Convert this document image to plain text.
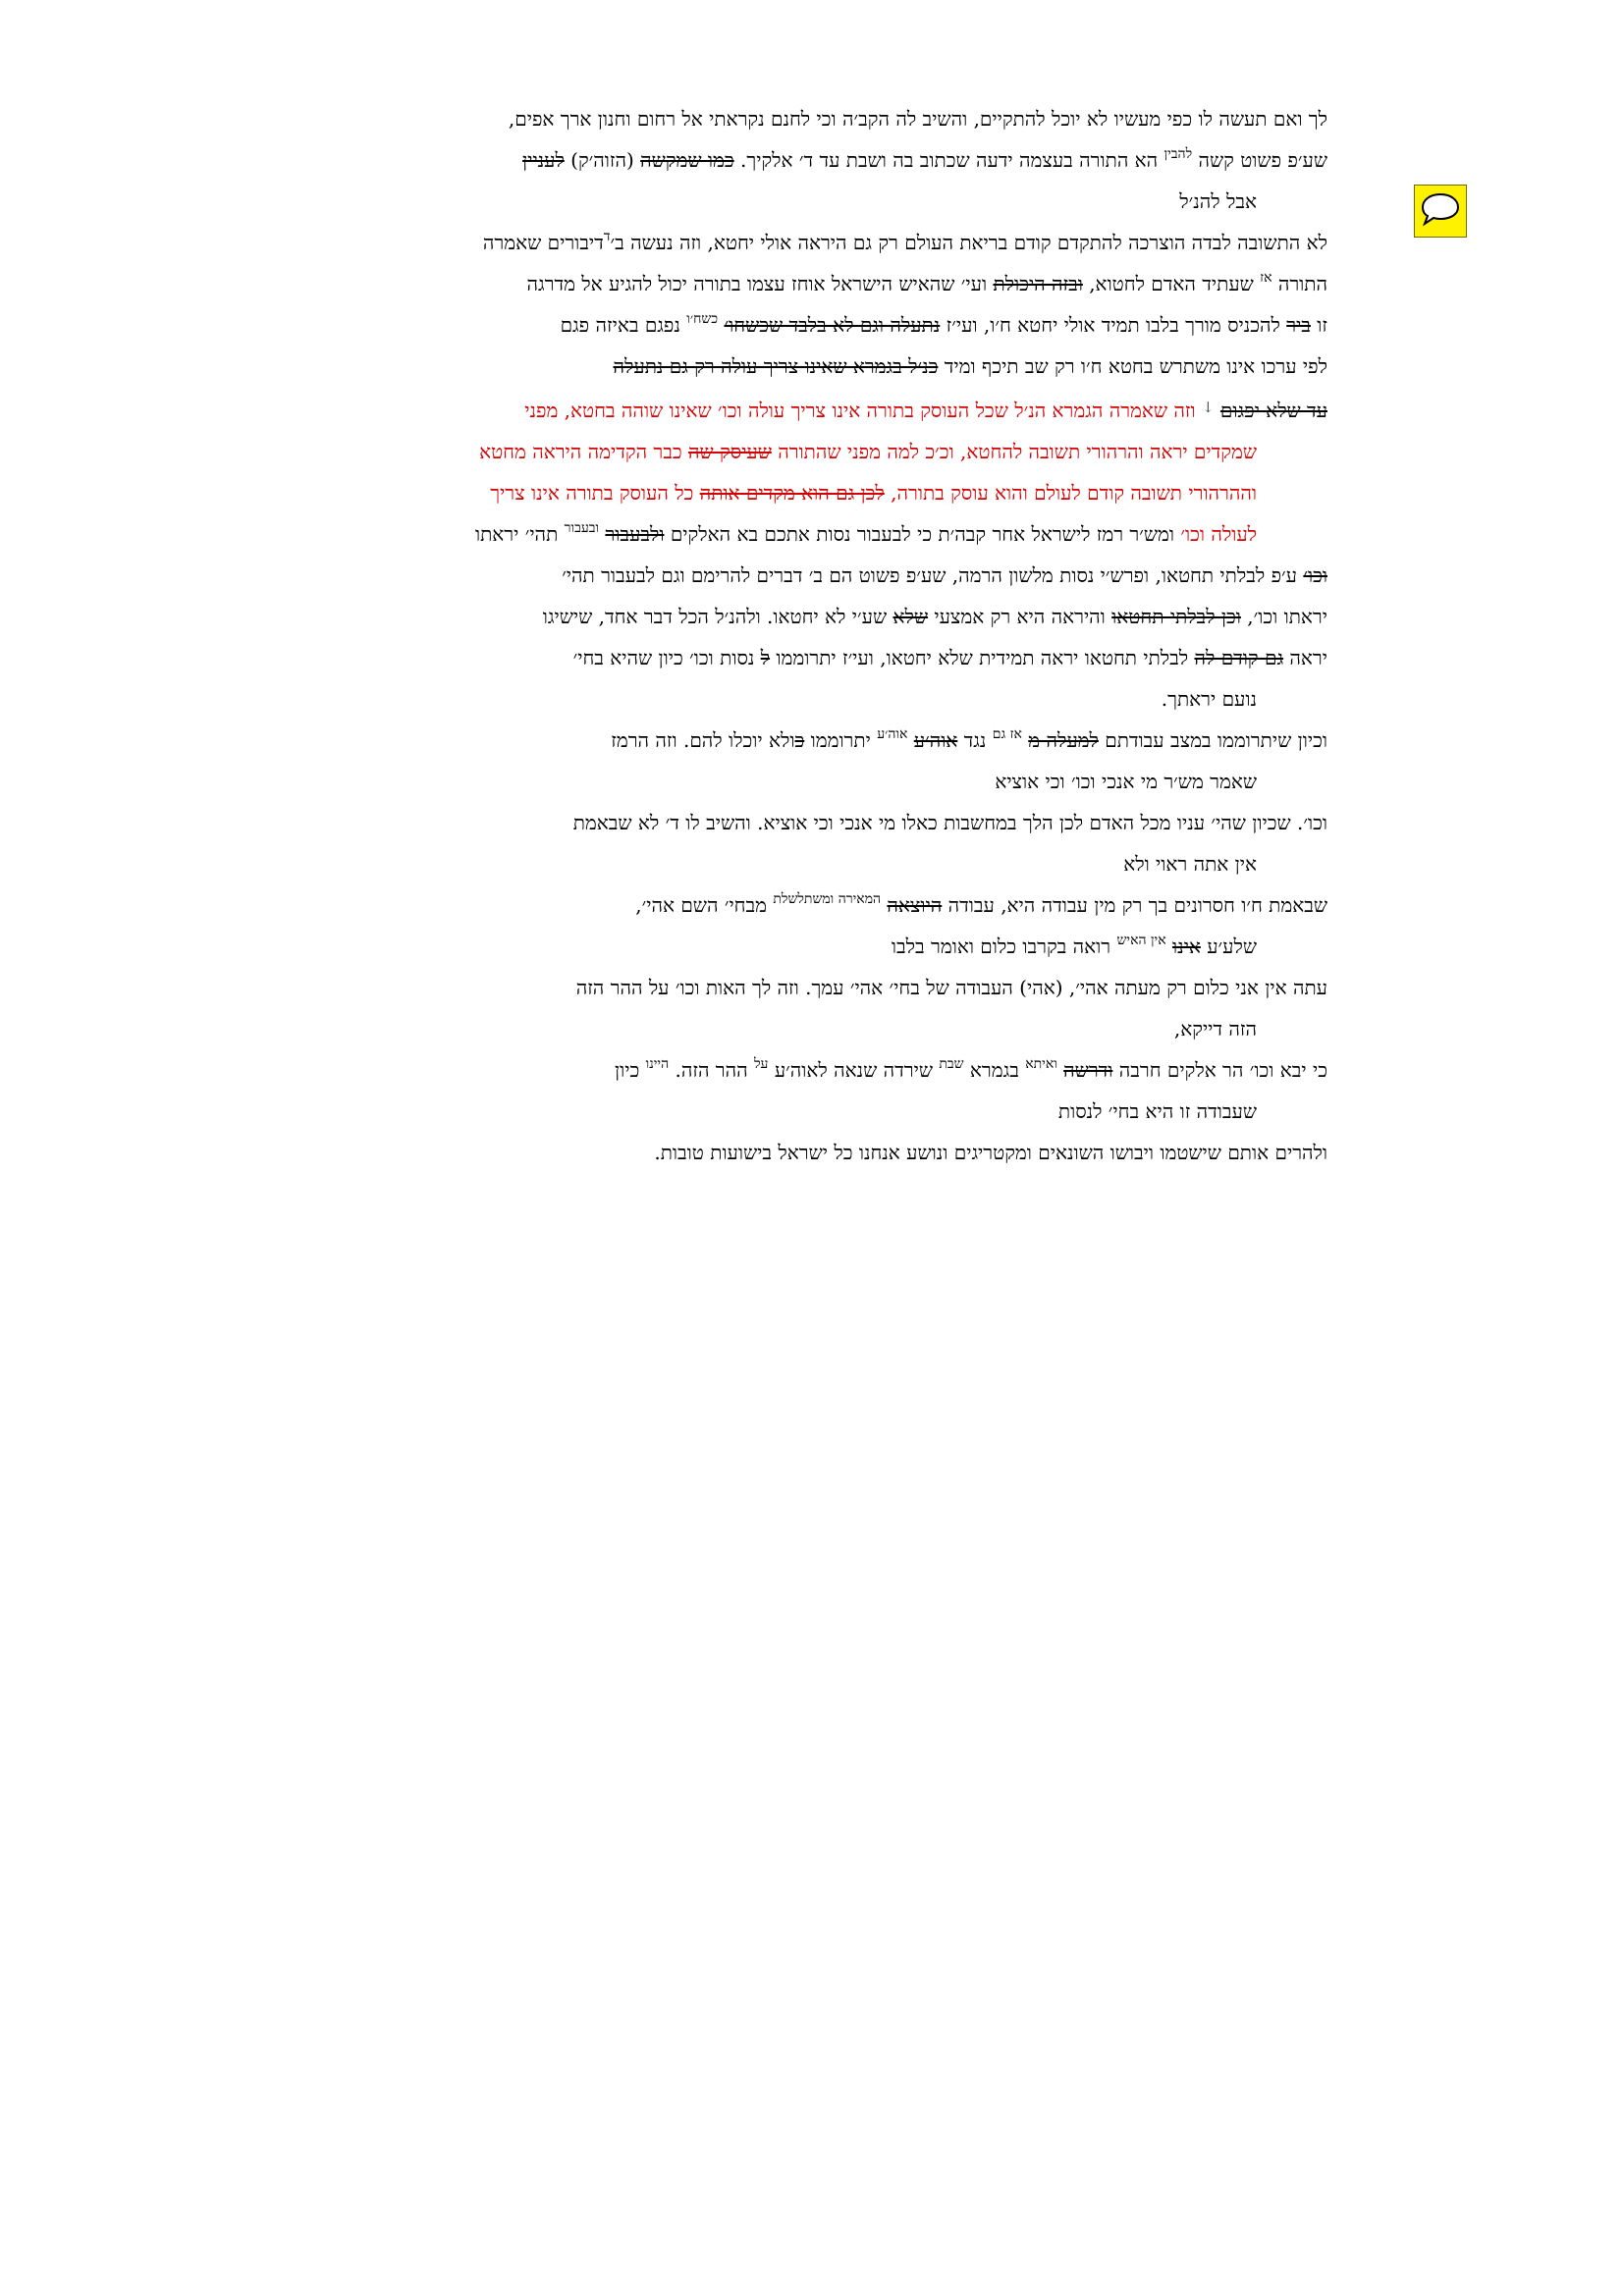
לך ואם תעשה לו כפי מעשיו לא יוכל להתקיים, והשיב לה הקב׳ה וכי לחנם נקראתי אל רחום וחנון ארך אפים,

שע׳פ פשוט קשה $^{להבין}$ הא התורה בעצמה ידעה שכתוב בה ושבת עד ד׳ אלקיך. כמו שמקשה (הזוה׳ק) לעניין

אבל להנ׳ל

לא התשובה לבדה הוצרכה להתקדם קודם בריאת העולם רק גם היראה אולי יחטא, וזה נעשה ב׳$^ד$דיבורים שאמרה

התורה $^{אז}$ שעתיד האדם לחטוא, ובזה היכולת ועי׳ שהאיש הישראל אוחז עצמו בתורה יכול להגיע אל מדרגה

זו ביר להכניס מורך בלבו תמיד אולי יחטא ח׳ו, ועי׳ז נתעלה וגם לא בלבד שכשחו׳ $^{כשח׳ו}$ נפגם באיזה פגם

לפי ערכו אינו משתרש בחטא ח׳ו רק שב תיכף ומיד כנ׳ל בגמרא שאינו צריך עולה רק גם נתעלה

עד שלא יפגום ↓ וזה שאמרה הגמרא הנ׳ל שכל העוסק בתורה אינו צריך עולה וכו׳ שאינו שוהה בחטא, מפני

שמקדים יראה והרהורי תשובה להחטא, וכ׳כ למה מפני שהתורה שעיסק שה כבר הקדימה היראה מחטא

וההרהורי תשובה קודם לעולם והוא עוסק בתורה, לכן גם הוא מקדים אותה כל העוסק בתורה אינו צריך

לעולה וכו׳ ומש׳ר רמז לישראל אחר קבה׳ת כי לבעבור נסות אתכם בא האלקים ולבעבור $^{ובעבור}$ תהי׳ יראתו

וכו׳ ע׳פ לבלתי תחטאו, ופרש׳י נסות מלשון הרמה, שע׳פ פשוט הם ב׳ דברים להרימם וגם לבעבור תהי׳

יראתו וכו׳, וכן לבלתי תחטאו והיראה היא רק אמצעי שלא שע׳י לא יחטאו. ולהנ׳ל הכל דבר אחד, שישיגו

יראה גם קודם לה לבלתי תחטאו יראה תמידית שלא יחטאו, ועי׳ז יתרוממו ל נסות וכו׳ כיון שהיא בחי׳

נועם יראתך.

וכיון שיתרוממו במצב עבודתם למעלה מ $^{אז גם}$ נגד אוה׳ע $^{אוה׳ע}$ יתרוממו כולא יוכלו להם. וזה הרמז

שאמר מש׳ר מי אנכי וכו׳ וכי אוציא

וכו׳. שכיון שהי׳ עניו מכל האדם לכן הלך במחשבות כאלו מי אנכי וכי אוציא. והשיב לו ד׳ לא שבאמת

אין אתה ראוי ולא

שבאמת ח׳ו חסרונים בך רק מין עבודה היא, עבודה היוצאה $^{המאירה ומשתלשלת}$ מבחי׳ השם אהי׳,

שלע׳ע אינו $^{אין האיש}$ רואה בקרבו כלום ואומר בלבו

עתה אין אני כלום רק מעתה אהי׳, (אהי) העבודה של בחי׳ אהי׳ עמך. וזה לך האות וכו׳ על ההר הזה

הזה דייקא,

כי יבא וכו׳ הר אלקים חרבה ודרשה $^{ואיתא}$ בגמרא $^{שבת}$ שירדה שנאה לאוה׳ע $^{על}$ ההר הזה. $^{היינו}$ כיון

שעבודה זו היא בחי׳ לנסות

ולהרים אותם שישטמו ויבושו השונאים ומקטריגים ונושע אנחנו כל ישראל בישועות טובות.
